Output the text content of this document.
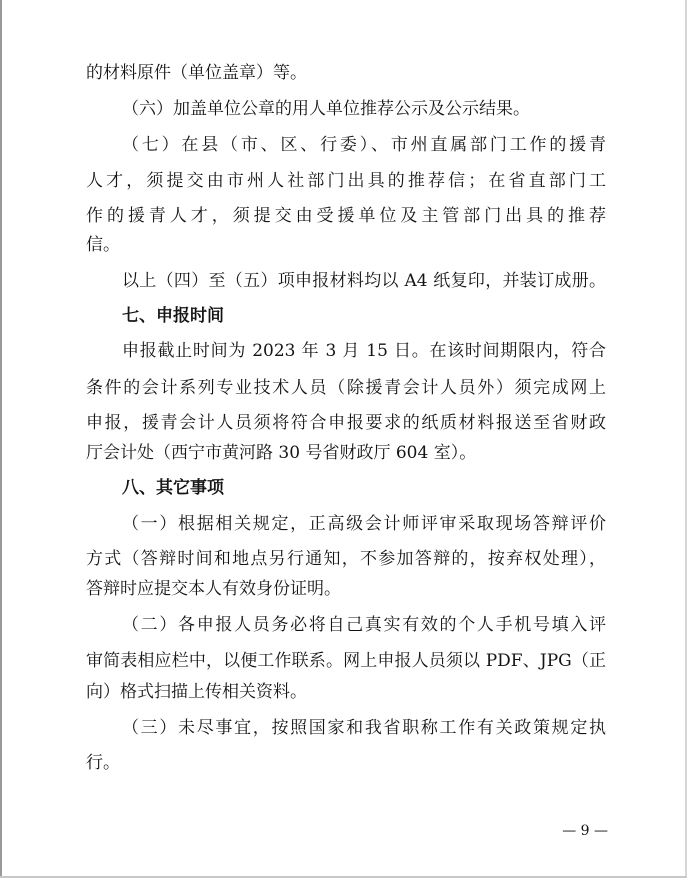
的材料原件（单位盖章）等。
（六）加盖单位公章的用人单位推荐公示及公示结果。
（七）在县（市、区、行委）、市州直属部门工作的援青
人才，须提交由市州人社部门出具的推荐信；在省直部门工
作的援青人才，须提交由受援单位及主管部门出具的推荐
信。
以上（四）至（五）项申报材料均以 A4 纸复印，并装订成册。
七、申报时间
申报截止时间为 2023 年 3 月 15 日。在该时间期限内，符合
条件的会计系列专业技术人员（除援青会计人员外）须完成网上
申报，援青会计人员须将符合申报要求的纸质材料报送至省财政
厅会计处（西宁市黄河路 30 号省财政厅 604 室）。
八、其它事项
（一）根据相关规定，正高级会计师评审采取现场答辩评价
方式（答辩时间和地点另行通知，不参加答辩的，按弃权处理），
答辩时应提交本人有效身份证明。
（二）各申报人员务必将自己真实有效的个人手机号填入评
审简表相应栏中，以便工作联系。网上申报人员须以 PDF、JPG（正
向）格式扫描上传相关资料。
（三）未尽事宜，按照国家和我省职称工作有关政策规定执
行。
— 9 —
